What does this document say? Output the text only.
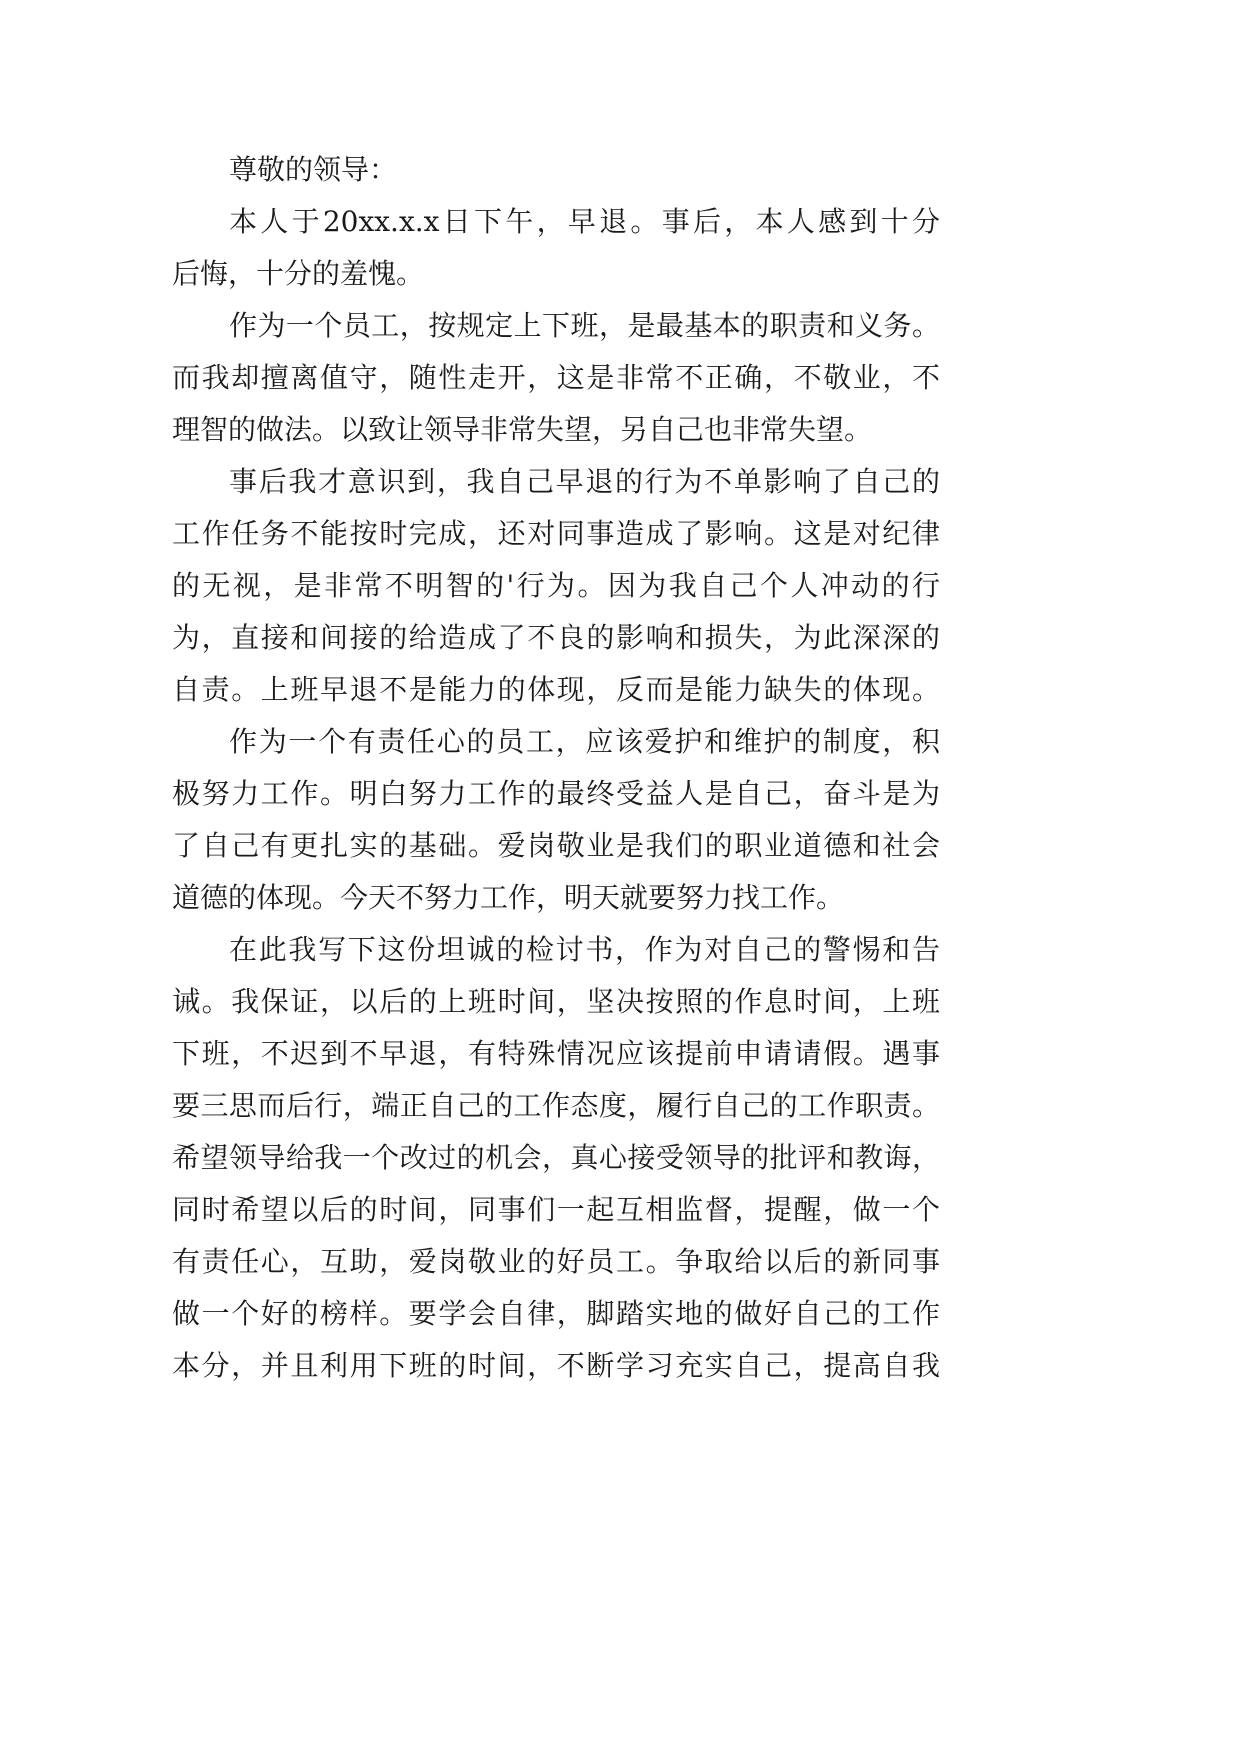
尊敬的领导：
本人于20xx.x.x日下午，早退。事后，本人感到十分
后悔，十分的羞愧。
作为一个员工，按规定上下班，是最基本的职责和义务。
而我却擅离值守，随性走开，这是非常不正确，不敬业，不
理智的做法。以致让领导非常失望，另自己也非常失望。
事后我才意识到，我自己早退的行为不单影响了自己的
工作任务不能按时完成，还对同事造成了影响。这是对纪律
的无视，是非常不明智的'行为。因为我自己个人冲动的行
为，直接和间接的给造成了不良的影响和损失，为此深深的
自责。上班早退不是能力的体现，反而是能力缺失的体现。
作为一个有责任心的员工，应该爱护和维护的制度，积
极努力工作。明白努力工作的最终受益人是自己，奋斗是为
了自己有更扎实的基础。爱岗敬业是我们的职业道德和社会
道德的体现。今天不努力工作，明天就要努力找工作。
在此我写下这份坦诚的检讨书，作为对自己的警惕和告
诫。我保证，以后的上班时间，坚决按照的作息时间，上班
下班，不迟到不早退，有特殊情况应该提前申请请假。遇事
要三思而后行，端正自己的工作态度，履行自己的工作职责。
希望领导给我一个改过的机会，真心接受领导的批评和教诲，
同时希望以后的时间，同事们一起互相监督，提醒，做一个
有责任心，互助，爱岗敬业的好员工。争取给以后的新同事
做一个好的榜样。要学会自律，脚踏实地的做好自己的工作
本分，并且利用下班的时间，不断学习充实自己，提高自我
